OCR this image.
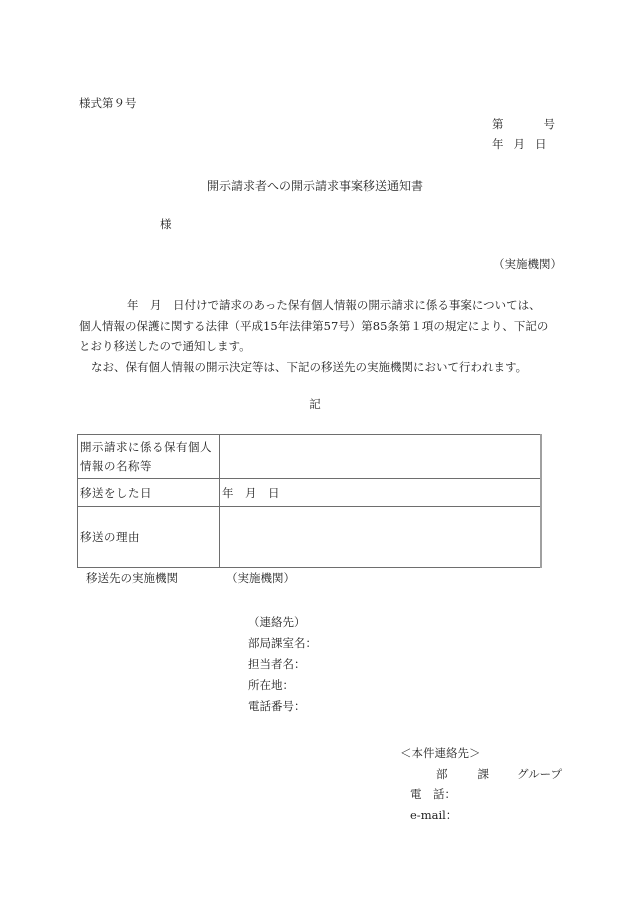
様式第９号
第	号
年 月 日
開示請求者への開示請求事案移送通知書
様
（実施機関）

年　月　日付けで請求のあった保有個人情報の開示請求に係る事案については、

個人情報の保護に関する法律（平成15年法律第57号）第85条第１項の規定により、下記の

とおり移送したので通知します。

なお、保有個人情報の開示決定等は、下記の移送先の実施機関において行われます。

記
開示請求に係る保有個人情報の名称等	
移送をした日	年　月　日
移送の理由	
移送先の実施機関	（実施機関）
（連絡先）
部局課室名：
担当者名：
所在地：
電話番号：
＜本件連絡先＞
部	課 グループ
電　話：
e-mail：
